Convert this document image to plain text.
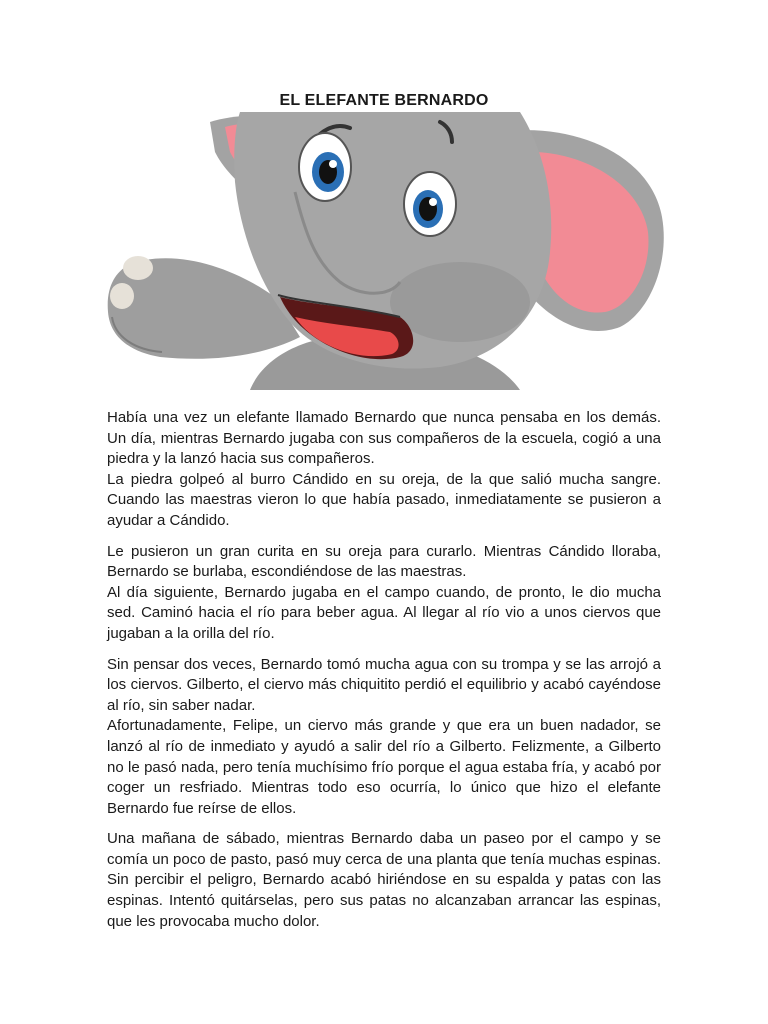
EL ELEFANTE BERNARDO

Había una vez un elefante llamado Bernardo que nunca pensaba en los demás. Un día, mientras Bernardo jugaba con sus compañeros de la escuela, cogió a una piedra y la lanzó hacia sus compañeros.
La piedra golpeó al burro Cándido en su oreja, de la que salió mucha sangre. Cuando las maestras vieron lo que había pasado, inmediatamente se pusieron a ayudar a Cándido.

Le pusieron un gran curita en su oreja para curarlo. Mientras Cándido lloraba, Bernardo se burlaba, escondiéndose de las maestras.
Al día siguiente, Bernardo jugaba en el campo cuando, de pronto, le dio mucha sed. Caminó hacia el río para beber agua. Al llegar al río vio a unos ciervos que jugaban a la orilla del río.

Sin pensar dos veces, Bernardo tomó mucha agua con su trompa y se las arrojó a los ciervos. Gilberto, el ciervo más chiquitito perdió el equilibrio y acabó cayéndose al río, sin saber nadar.
Afortunadamente, Felipe, un ciervo más grande y que era un buen nadador, se lanzó al río de inmediato y ayudó a salir del río a Gilberto. Felizmente, a Gilberto no le pasó nada, pero tenía muchísimo frío porque el agua estaba fría, y acabó por coger un resfriado. Mientras todo eso ocurría, lo único que hizo el elefante Bernardo fue reírse de ellos.

Una mañana de sábado, mientras Bernardo daba un paseo por el campo y se comía un poco de pasto, pasó muy cerca de una planta que tenía muchas espinas. Sin percibir el peligro, Bernardo acabó hiriéndose en su espalda y patas con las espinas. Intentó quitárselas, pero sus patas no alcanzaban arrancar las espinas, que les provocaba mucho dolor.
